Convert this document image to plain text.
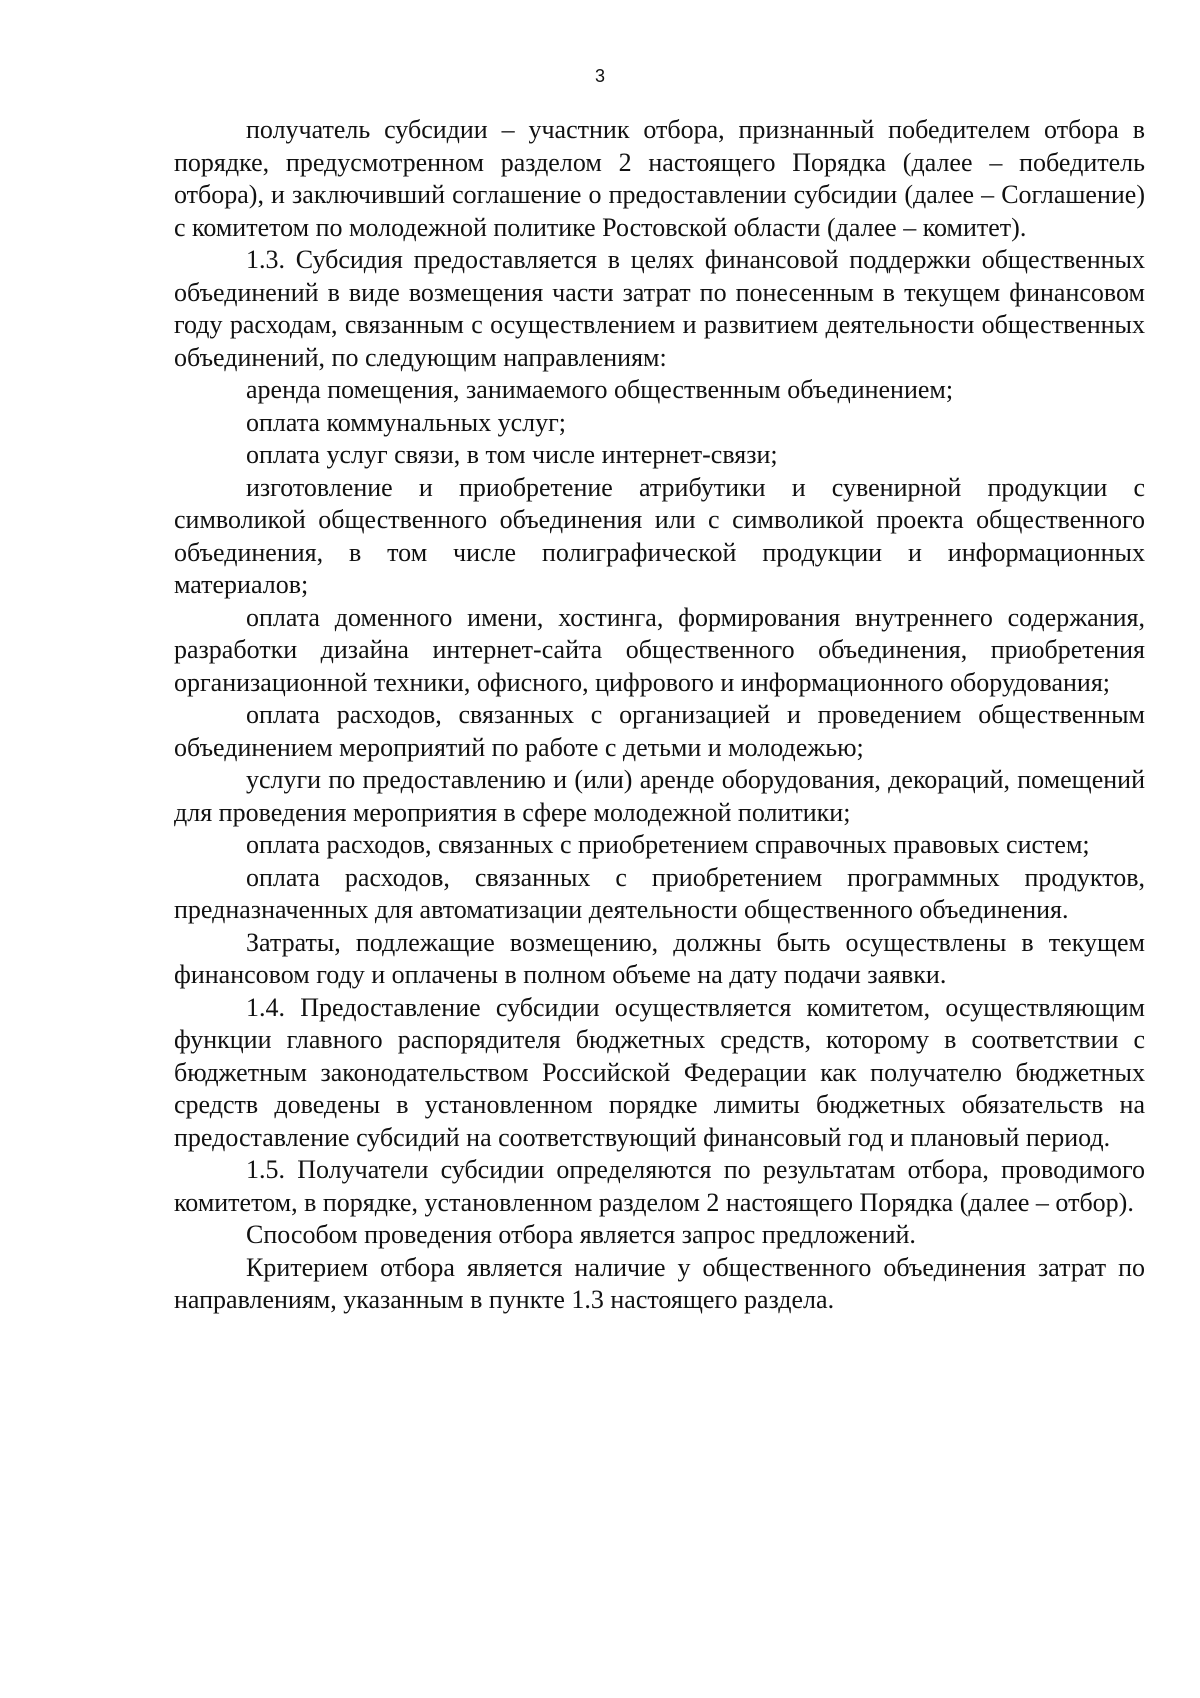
3

получатель субсидии – участник отбора, признанный победителем отбора в порядке, предусмотренном разделом 2 настоящего Порядка (далее – победитель отбора), и заключивший соглашение о предоставлении субсидии (далее – Соглашение) с комитетом по молодежной политике Ростовской области (далее – комитет).

1.3. Субсидия предоставляется в целях финансовой поддержки общественных объединений в виде возмещения части затрат по понесенным в текущем финансовом году расходам, связанным с осуществлением и развитием деятельности общественных объединений, по следующим направлениям:

аренда помещения, занимаемого общественным объединением;

оплата коммунальных услуг;

оплата услуг связи, в том числе интернет-связи;

изготовление и приобретение атрибутики и сувенирной продукции с символикой общественного объединения или с символикой проекта общественного объединения, в том числе полиграфической продукции и информационных материалов;

оплата доменного имени, хостинга, формирования внутреннего содержания, разработки дизайна интернет-сайта общественного объединения, приобретения организационной техники, офисного, цифрового и информационного оборудования;

оплата расходов, связанных с организацией и проведением общественным объединением мероприятий по работе с детьми и молодежью;

услуги по предоставлению и (или) аренде оборудования, декораций, помещений для проведения мероприятия в сфере молодежной политики;

оплата расходов, связанных с приобретением справочных правовых систем;

оплата расходов, связанных с приобретением программных продуктов, предназначенных для автоматизации деятельности общественного объединения.

Затраты, подлежащие возмещению, должны быть осуществлены в текущем финансовом году и оплачены в полном объеме на дату подачи заявки.

1.4. Предоставление субсидии осуществляется комитетом, осуществляющим функции главного распорядителя бюджетных средств, которому в соответствии с бюджетным законодательством Российской Федерации как получателю бюджетных средств доведены в установленном порядке лимиты бюджетных обязательств на предоставление субсидий на соответствующий финансовый год и плановый период.

1.5. Получатели субсидии определяются по результатам отбора, проводимого комитетом, в порядке, установленном разделом 2 настоящего Порядка (далее – отбор).

Способом проведения отбора является запрос предложений.

Критерием отбора является наличие у общественного объединения затрат по направлениям, указанным в пункте 1.3 настоящего раздела.
